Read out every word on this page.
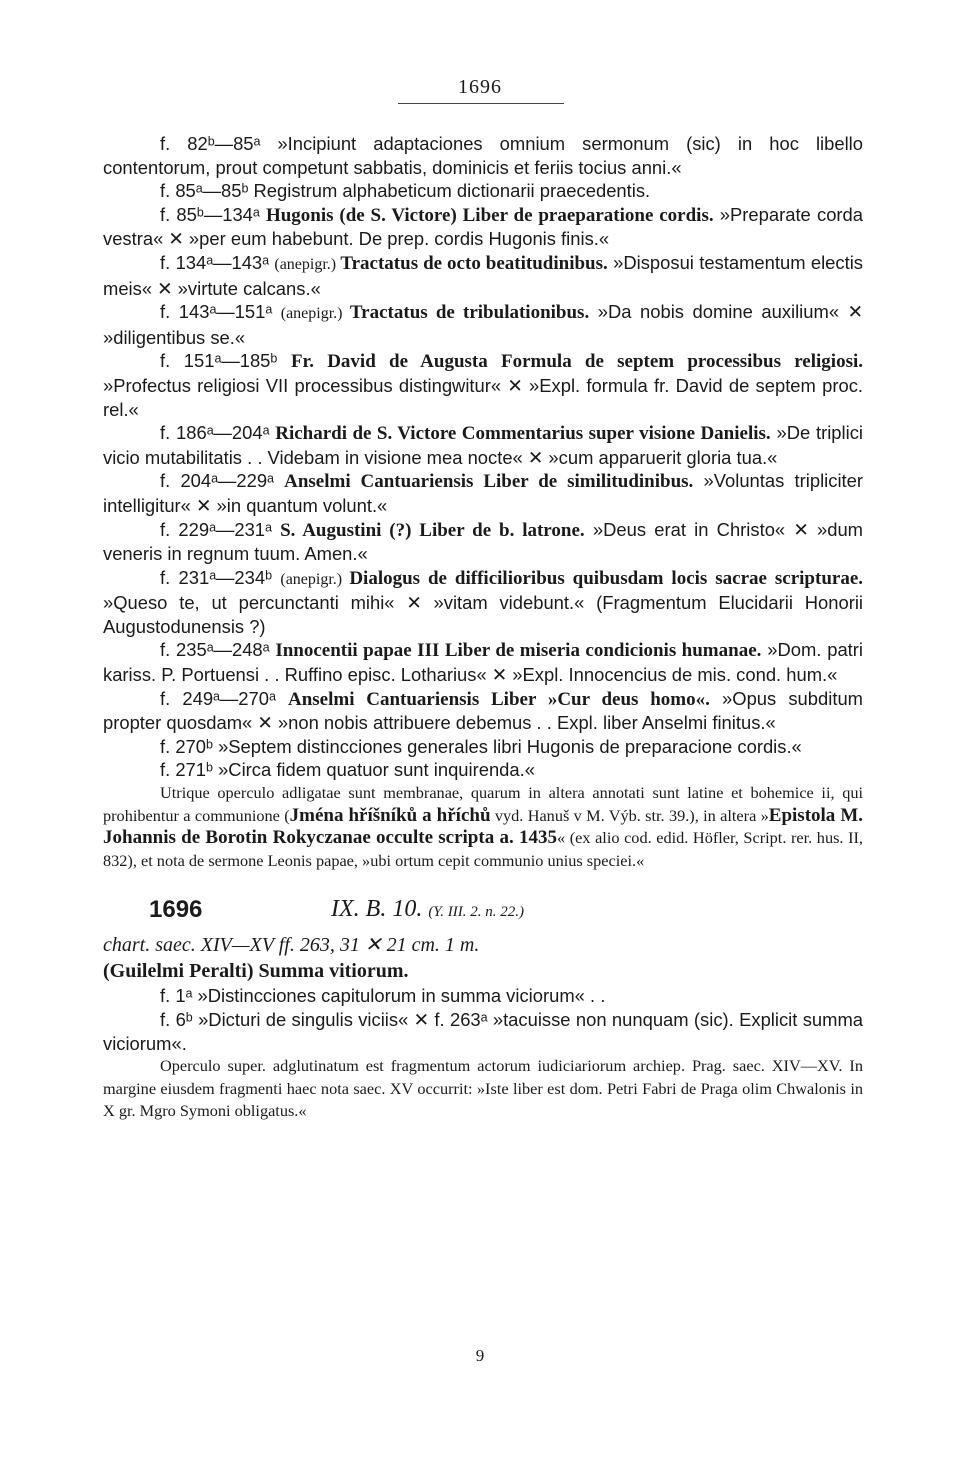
1696

f. 82ᵇ—85ᵃ »Incipiunt adaptaciones omnium sermonum (sic) in hoc libello contentorum, prout competunt sabbatis, dominicis et feriis tocius anni.«

f. 85ᵃ—85ᵇ Registrum alphabeticum dictionarii praecedentis.

f. 85ᵇ—134ᵃ Hugonis (de S. Victore) Liber de praeparatione cordis. »Preparate corda vestra« ✕ »per eum habebunt. De prep. cordis Hugonis finis.«

f. 134ᵃ—143ᵃ (anepigr.) Tractatus de octo beatitudinibus. »Disposui testamentum electis meis« ✕ »virtute calcans.«

f. 143ᵃ—151ᵃ (anepigr.) Tractatus de tribulationibus. »Da nobis domine auxilium« ✕ »diligentibus se.«

f. 151ᵃ—185ᵇ Fr. David de Augusta Formula de septem processibus religiosi. »Profectus religiosi VII processibus distingwitur« ✕ »Expl. formula fr. David de septem proc. rel.«

f. 186ᵃ—204ᵃ Richardi de S. Victore Commentarius super visione Danielis. »De triplici vicio mutabilitatis . . Videbam in visione mea nocte« ✕ »cum apparuerit gloria tua.«

f. 204ᵃ—229ᵃ Anselmi Cantuariensis Liber de similitudinibus. »Voluntas tripliciter intelligitur« ✕ »in quantum volunt.«

f. 229ᵃ—231ᵃ S. Augustini (?) Liber de b. latrone. »Deus erat in Christo« ✕ »dum veneris in regnum tuum. Amen.«

f. 231ᵃ—234ᵇ (anepigr.) Dialogus de difficilioribus quibusdam locis sacrae scripturae. »Queso te, ut percunctanti mihi« ✕ »vitam videbunt.« (Fragmentum Elucidarii Honorii Augustodunensis ?)

f. 235ᵃ—248ᵃ Innocentii papae III Liber de miseria condicionis humanae. »Dom. patri kariss. P. Portuensi . . Ruffino episc. Lotharius« ✕ »Expl. Innocencius de mis. cond. hum.«

f. 249ᵃ—270ᵃ Anselmi Cantuariensis Liber »Cur deus homo«. »Opus subditum propter quosdam« ✕ »non nobis attribuere debemus . . Expl. liber Anselmi finitus.«

f. 270ᵇ »Septem distincciones generales libri Hugonis de preparacione cordis.«

f. 271ᵇ »Circa fidem quatuor sunt inquirenda.«

Utrique operculo adligatae sunt membranae, quarum in altera annotati sunt latine et bohemice ii, qui prohibentur a communione (Jména hříšníků a hříchů vyd. Hanuš v M. Výb. str. 39.), in altera »Epistola M. Johannis de Borotin Rokyczanae occulte scripta a. 1435« (ex alio cod. edid. Höfler, Script. rer. hus. II, 832), et nota de sermone Leonis papae, »ubi ortum cepit communio unius speciei.«

1696	IX. B. 10. (Y. III. 2. n. 22.)

chart. saec. XIV—XV ff. 263, 31 ✕ 21 cm. 1 m.

(Guilelmi Peralti) Summa vitiorum.

f. 1ᵃ »Distincciones capitulorum in summa viciorum« . .

f. 6ᵇ »Dicturi de singulis viciis« ✕ f. 263ᵃ »tacuisse non nunquam (sic). Explicit summa viciorum«.

Operculo super. adglutinatum est fragmentum actorum iudiciariorum archiep. Prag. saec. XIV—XV. In margine eiusdem fragmenti haec nota saec. XV occurrit: »Iste liber est dom. Petri Fabri de Praga olim Chwalonis in X gr. Mgro Symoni obligatus.«

9
